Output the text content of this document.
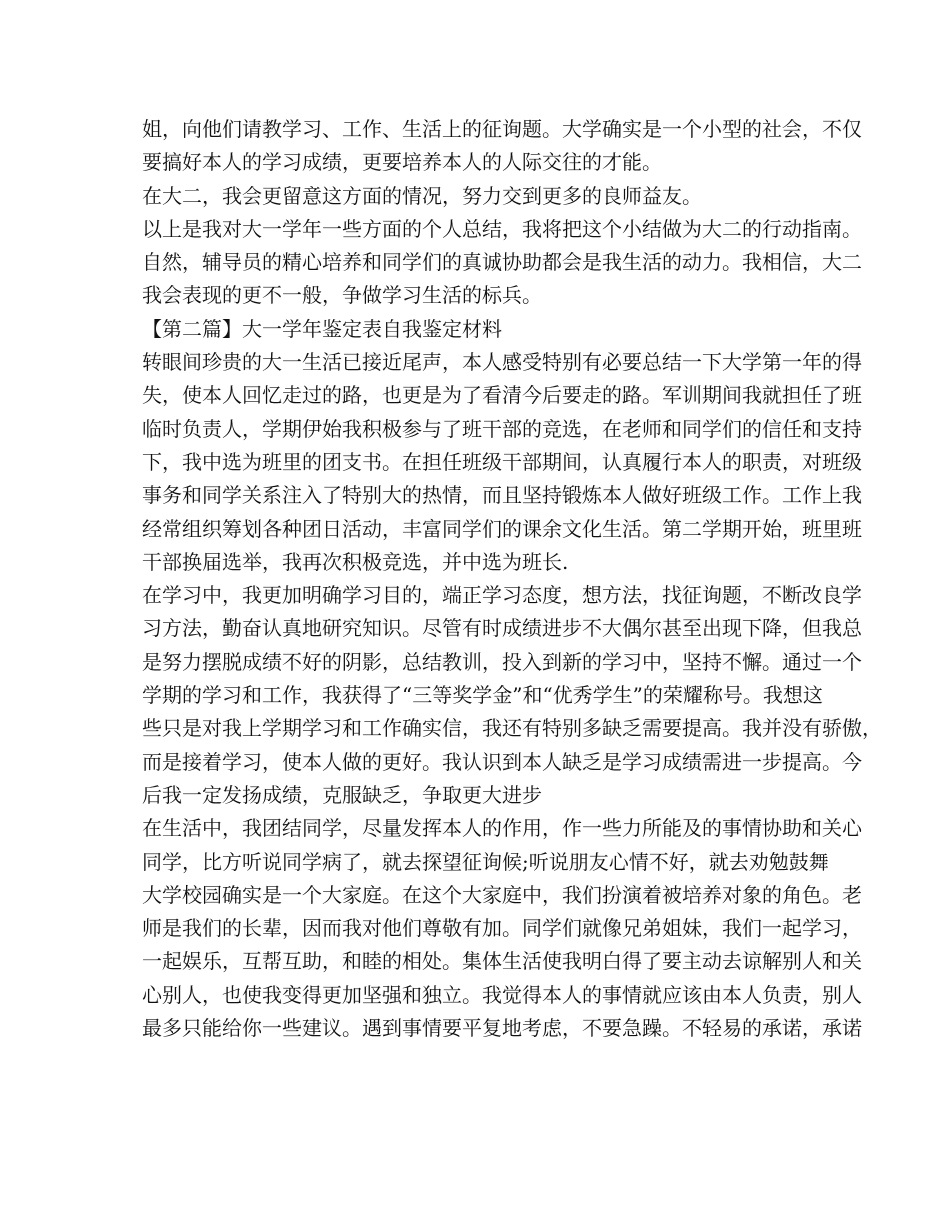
姐，向他们请教学习、工作、生活上的征询题。大学确实是一个小型的社会，不仅
要搞好本人的学习成绩，更要培养本人的人际交往的才能。
在大二，我会更留意这方面的情况，努力交到更多的良师益友。
以上是我对大一学年一些方面的个人总结，我将把这个小结做为大二的行动指南。
自然，辅导员的精心培养和同学们的真诚协助都会是我生活的动力。我相信，大二
我会表现的更不一般，争做学习生活的标兵。
【第二篇】大一学年鉴定表自我鉴定材料
转眼间珍贵的大一生活已接近尾声，本人感受特别有必要总结一下大学第一年的得
失，使本人回忆走过的路，也更是为了看清今后要走的路。军训期间我就担任了班
临时负责人，学期伊始我积极参与了班干部的竞选，在老师和同学们的信任和支持
下，我中选为班里的团支书。在担任班级干部期间，认真履行本人的职责，对班级
事务和同学关系注入了特别大的热情，而且坚持锻炼本人做好班级工作。工作上我
经常组织筹划各种团日活动，丰富同学们的课余文化生活。第二学期开始，班里班
干部换届选举，我再次积极竞选，并中选为班长.
在学习中，我更加明确学习目的，端正学习态度，想方法，找征询题，不断改良学
习方法，勤奋认真地研究知识。尽管有时成绩进步不大偶尔甚至出现下降，但我总
是努力摆脱成绩不好的阴影，总结教训，投入到新的学习中，坚持不懈。通过一个
学期的学习和工作，我获得了“三等奖学金”和“优秀学生”的荣耀称号。我想这
些只是对我上学期学习和工作确实信，我还有特别多缺乏需要提高。我并没有骄傲，
而是接着学习，使本人做的更好。我认识到本人缺乏是学习成绩需进一步提高。今
后我一定发扬成绩，克服缺乏，争取更大进步
在生活中，我团结同学，尽量发挥本人的作用，作一些力所能及的事情协助和关心
同学，比方听说同学病了，就去探望征询候;听说朋友心情不好，就去劝勉鼓舞
大学校园确实是一个大家庭。在这个大家庭中，我们扮演着被培养对象的角色。老
师是我们的长辈，因而我对他们尊敬有加。同学们就像兄弟姐妹，我们一起学习，
一起娱乐，互帮互助，和睦的相处。集体生活使我明白得了要主动去谅解别人和关
心别人，也使我变得更加坚强和独立。我觉得本人的事情就应该由本人负责，别人
最多只能给你一些建议。遇到事情要平复地考虑，不要急躁。不轻易的承诺，承诺
